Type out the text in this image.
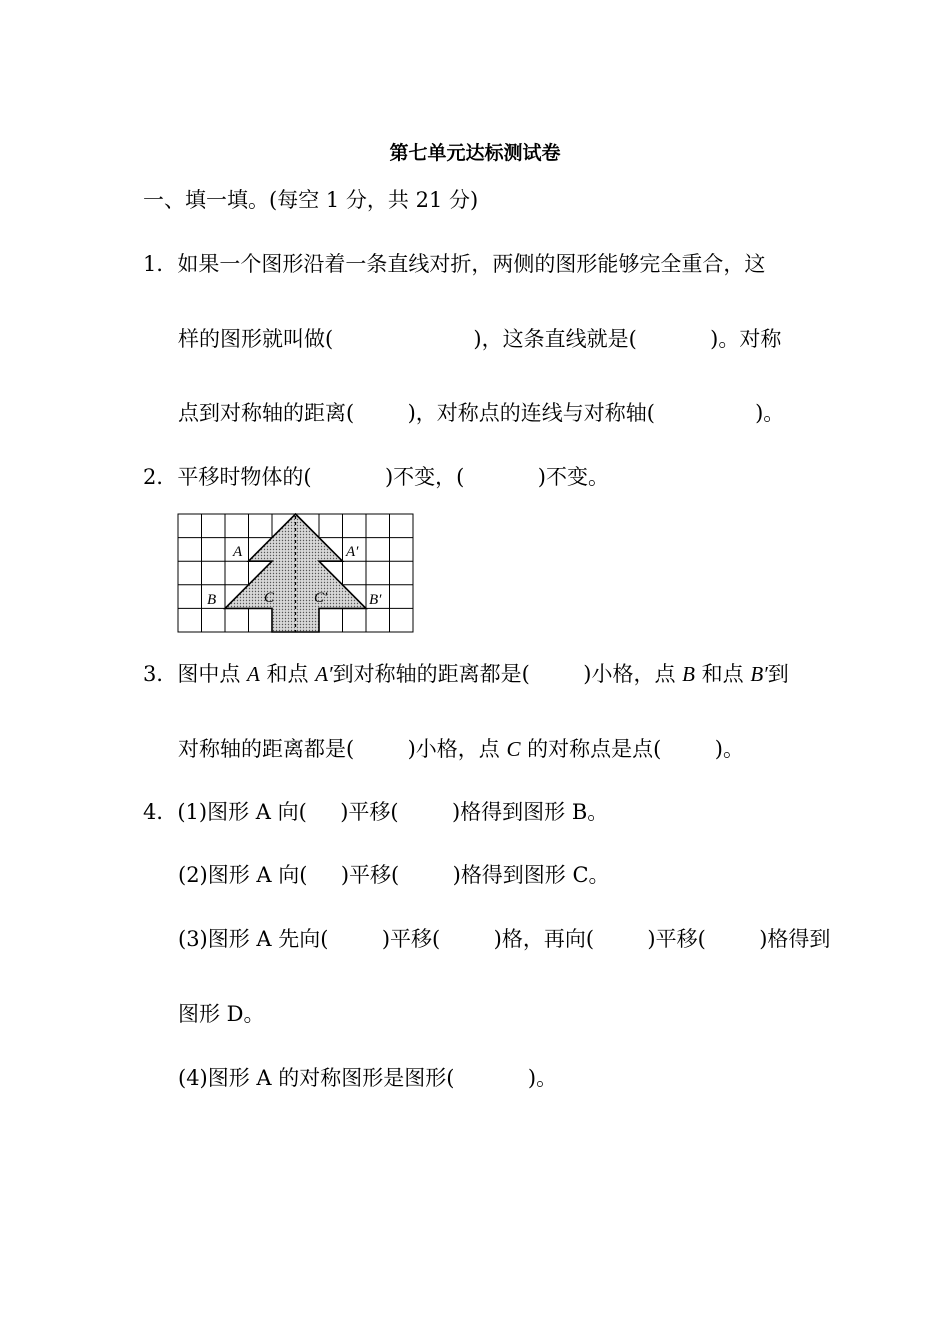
第七单元达标测试卷
一、填一填。(每空 1 分，共 21 分)
1．如果一个图形沿着一条直线对折，两侧的图形能够完全重合，这
样的图形就叫做(                     )，这条直线就是(           )。对称
点到对称轴的距离(        )，对称点的连线与对称轴(               )。
2．平移时物体的(           )不变，(           )不变。
A	A′
B	B′
C	C′
3．图中点 A 和点 A′到对称轴的距离都是(        )小格，点 B 和点 B′到
对称轴的距离都是(        )小格，点 C 的对称点是点(        )。
4．(1)图形 A 向(     )平移(        )格得到图形 B。
(2)图形 A 向(     )平移(        )格得到图形 C。
(3)图形 A 先向(        )平移(        )格，再向(        )平移(        )格得到
图形 D。
(4)图形 A 的对称图形是图形(           )。
